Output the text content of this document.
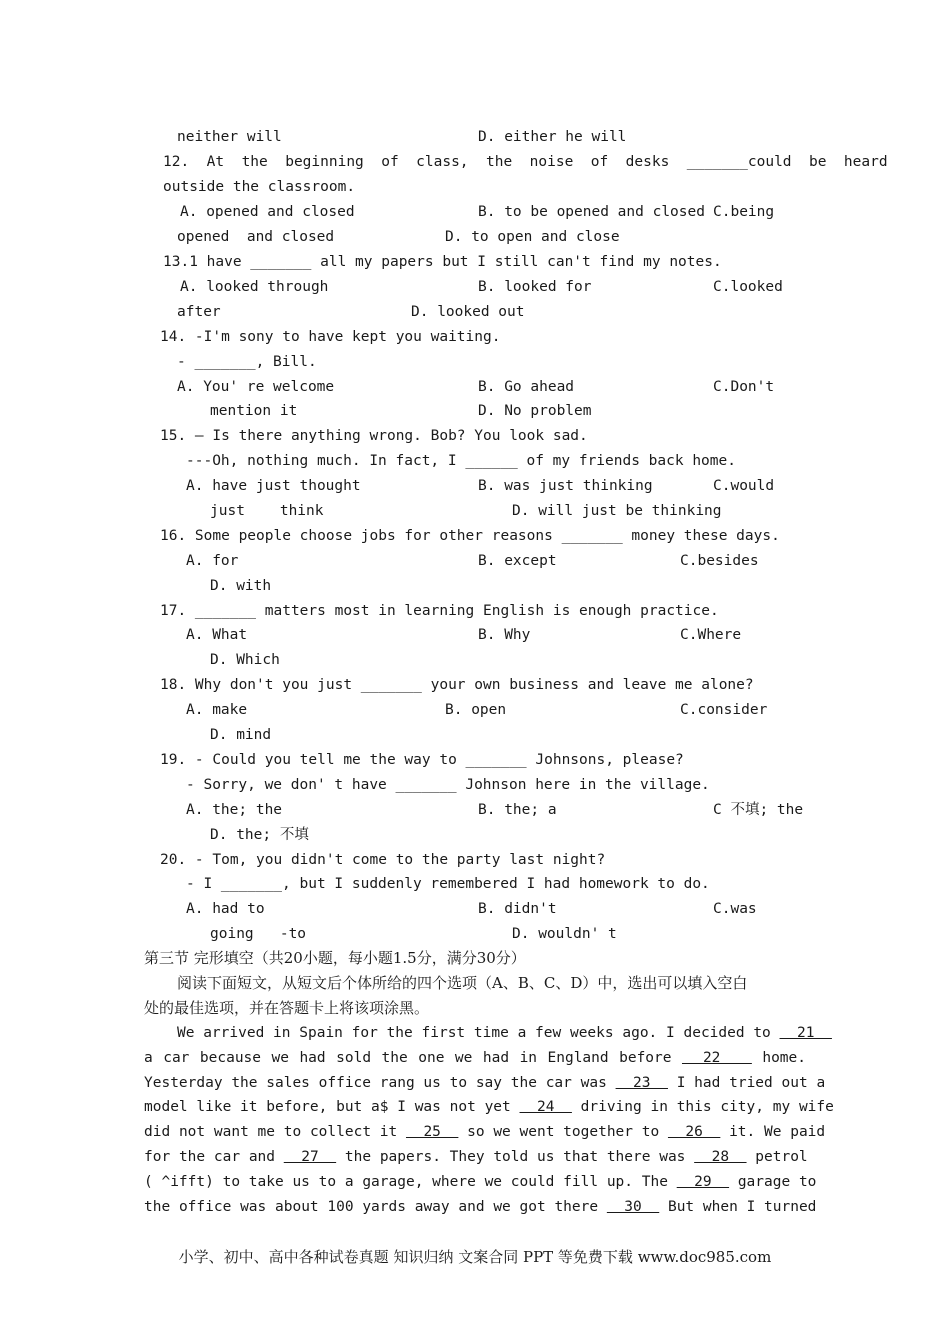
neither will	D. either he will
12.  At  the  beginning  of  class,  the  noise  of  desks  _______could  be  heard
outside the classroom.
A. opened and closed	B. to be opened and closed C.being
opened  and closed	D. to open and close
13.1 have _______ all my papers but I still can't find my notes.
A. looked through	B. looked for	C.looked
after	D. looked out
14. -I'm sony to have kept you waiting.
- _______, Bill.
A. You' re welcome	B. Go ahead	C.Don't
mention it	D. No problem
15. — Is there anything wrong. Bob? You look sad.
---Oh, nothing much. In fact, I ______ of my friends back home.
A. have just thought	B. was just thinking	C.would
just    think	D. will just be thinking
16. Some people choose jobs for other reasons _______ money these days.
A. for	B. except	C.besides
D. with
17. _______ matters most in learning English is enough practice.
A. What	B. Why	C.Where
D. Which
18. Why don't you just _______ your own business and leave me alone?
A. make	B. open	C.consider
D. mind
19. - Could you tell me the way to _______ Johnsons, please?
- Sorry, we don' t have _______ Johnson here in the village.
A. the; the	B. the; a	C 不填; the
D. the; 不填
20. - Tom, you didn't come to the party last night?
- I _______, but I suddenly remembered I had homework to do.
A. had to	B. didn't	C.was
going   -to	D. wouldn' t
第三节 完形填空（共20小题，每小题1.5分，满分30分）
阅读下面短文，从短文后个体所给的四个选项（A、B、C、D）中，选出可以填入空白
处的最佳选项，并在答题卡上将该项涂黑。
We arrived in Spain for the first time a few weeks ago. I decided to   21
a car because we had sold the one we had in England before   22    home.
Yesterday the sales office rang us to say the car was   23   I had tried out a
model like it before, but a$ I was not yet   24   driving in this city, my wife
did not want me to collect it   25   so we went together to   26   it. We paid
for the car and   27   the papers. They told us that there was   28   petrol
( ^ifft) to take us to a garage, where we could fill up. The   29   garage to
the office was about 100 yards away and we got there   30   But when I turned
小学、初中、高中各种试卷真题 知识归纳 文案合同 PPT 等免费下载 www.doc985.com
